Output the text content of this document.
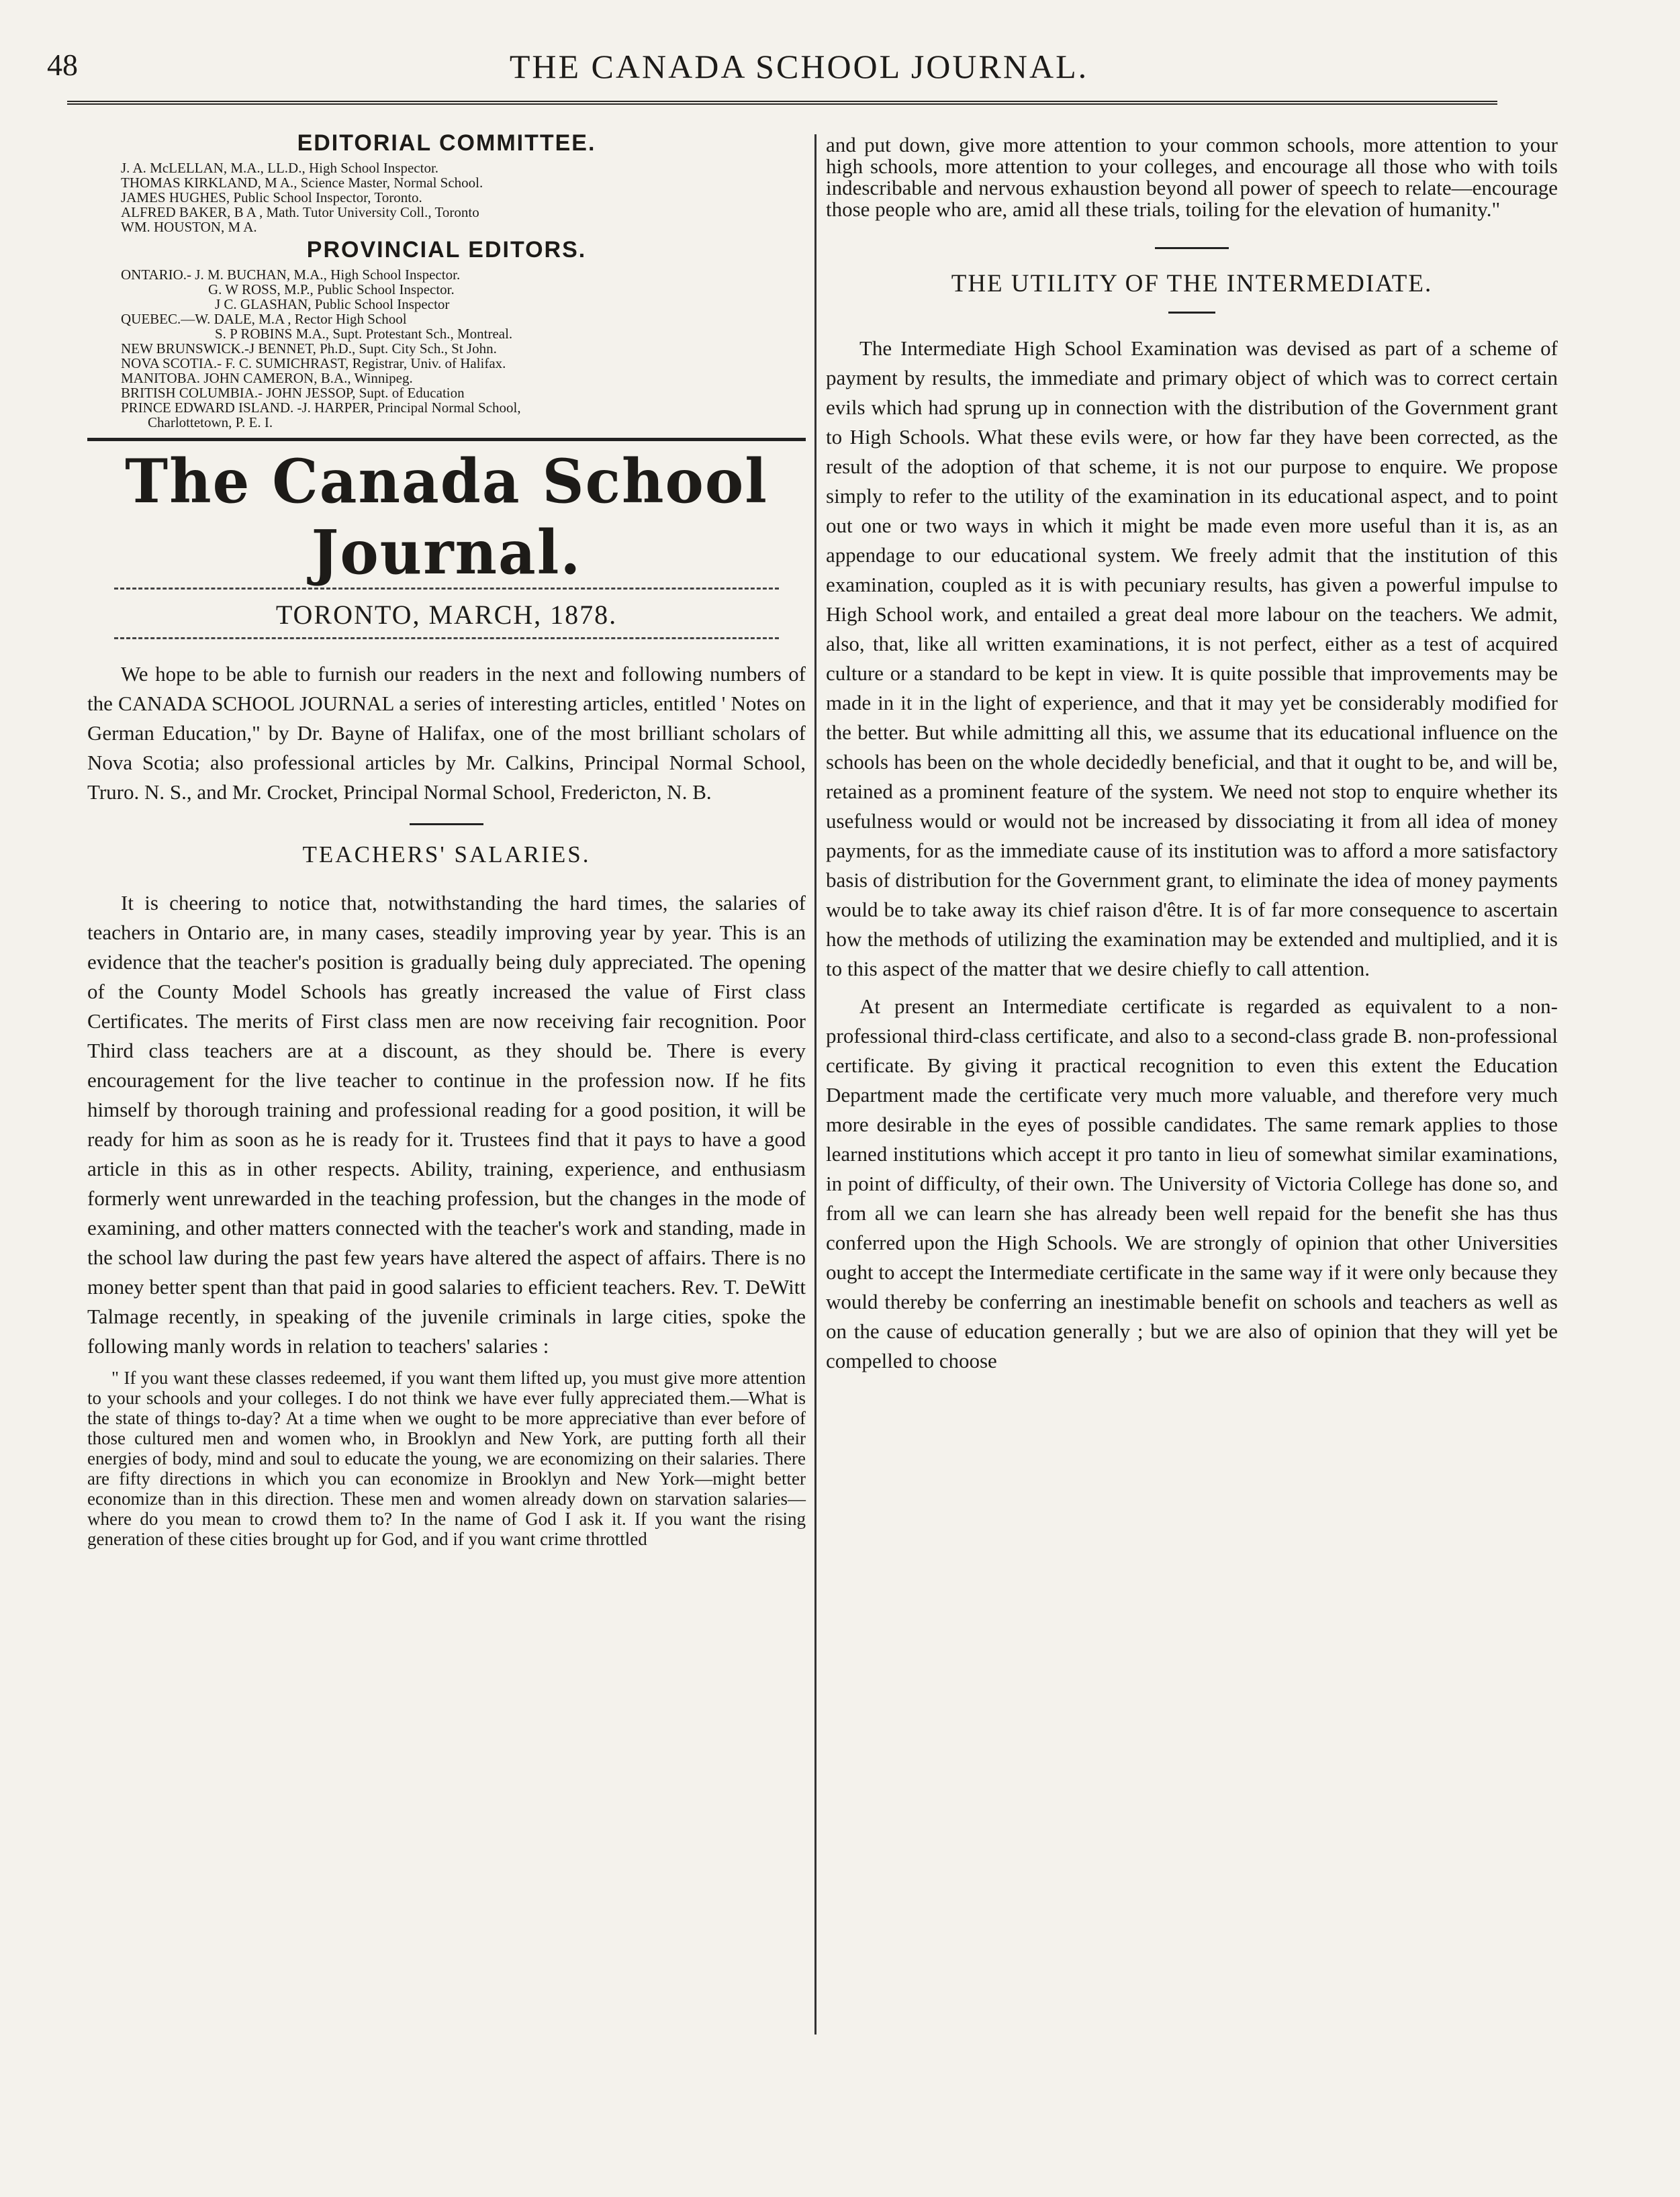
48	THE CANADA SCHOOL JOURNAL.
EDITORIAL COMMITTEE.
J. A. McLELLAN, M.A., LL.D., High School Inspector.
THOMAS KIRKLAND, M A., Science Master, Normal School.
JAMES HUGHES, Public School Inspector, Toronto.
ALFRED BAKER, B A , Math. Tutor University Coll., Toronto
WM. HOUSTON, M A.
PROVINCIAL EDITORS.
ONTARIO.- J. M. BUCHAN, M.A., High School Inspector.
G. W ROSS, M.P., Public School Inspector.
J C. GLASHAN, Public School Inspector
QUEBEC.—W. DALE, M.A , Rector High School
S. P ROBINS M.A., Supt. Protestant Sch., Montreal.
NEW BRUNSWICK.-J BENNET, Ph.D., Supt. City Sch., St John.
NOVA SCOTIA.- F. C. SUMICHRAST, Registrar, Univ. of Halifax.
MANITOBA. JOHN CAMERON, B.A., Winnipeg.
BRITISH COLUMBIA.- JOHN JESSOP, Supt. of Education
PRINCE EDWARD ISLAND. -J. HARPER, Principal Normal School,
Charlottetown, P. E. I.
The Canada School Journal.
TORONTO, MARCH, 1878.

We hope to be able to furnish our readers in the next and following numbers of the CANADA SCHOOL JOURNAL a series of interesting articles, entitled ' Notes on German Education," by Dr. Bayne of Halifax, one of the most brilliant scholars of Nova Scotia; also professional articles by Mr. Calkins, Principal Normal School, Truro. N. S., and Mr. Crocket, Principal Normal School, Fredericton, N. B.

TEACHERS' SALARIES.

It is cheering to notice that, notwithstanding the hard times, the salaries of teachers in Ontario are, in many cases, steadily improving year by year. This is an evidence that the teacher's position is gradually being duly appreciated. The opening of the County Model Schools has greatly increased the value of First class Certificates. The merits of First class men are now receiving fair recognition. Poor Third class teachers are at a discount, as they should be. There is every encouragement for the live teacher to continue in the profession now. If he fits himself by thorough training and professional reading for a good position, it will be ready for him as soon as he is ready for it. Trustees find that it pays to have a good article in this as in other respects. Ability, training, experience, and enthusiasm formerly went unrewarded in the teaching profession, but the changes in the mode of examining, and other matters connected with the teacher's work and standing, made in the school law during the past few years have altered the aspect of affairs. There is no money better spent than that paid in good salaries to efficient teachers. Rev. T. DeWitt Talmage recently, in speaking of the juvenile criminals in large cities, spoke the following manly words in relation to teachers' salaries :

" If you want these classes redeemed, if you want them lifted up, you must give more attention to your schools and your colleges. I do not think we have ever fully appreciated them.—What is the state of things to-day? At a time when we ought to be more appreciative than ever before of those cultured men and women who, in Brooklyn and New York, are putting forth all their energies of body, mind and soul to educate the young, we are economizing on their salaries. There are fifty directions in which you can economize in Brooklyn and New York—might better economize than in this direction. These men and women already down on starvation salaries—where do you mean to crowd them to? In the name of God I ask it. If you want the rising generation of these cities brought up for God, and if you want crime throttled

and put down, give more attention to your common schools, more attention to your high schools, more attention to your colleges, and encourage all those who with toils indescribable and nervous exhaustion beyond all power of speech to relate—encourage those people who are, amid all these trials, toiling for the elevation of humanity."

THE UTILITY OF THE INTERMEDIATE.

The Intermediate High School Examination was devised as part of a scheme of payment by results, the immediate and primary object of which was to correct certain evils which had sprung up in connection with the distribution of the Government grant to High Schools. What these evils were, or how far they have been corrected, as the result of the adoption of that scheme, it is not our purpose to enquire. We propose simply to refer to the utility of the examination in its educational aspect, and to point out one or two ways in which it might be made even more useful than it is, as an appendage to our educational system. We freely admit that the institution of this examination, coupled as it is with pecuniary results, has given a powerful impulse to High School work, and entailed a great deal more labour on the teachers. We admit, also, that, like all written examinations, it is not perfect, either as a test of acquired culture or a standard to be kept in view. It is quite possible that improvements may be made in it in the light of experience, and that it may yet be considerably modified for the better. But while admitting all this, we assume that its educational influence on the schools has been on the whole decidedly beneficial, and that it ought to be, and will be, retained as a prominent feature of the system. We need not stop to enquire whether its usefulness would or would not be increased by dissociating it from all idea of money payments, for as the immediate cause of its institution was to afford a more satisfactory basis of distribution for the Government grant, to eliminate the idea of money payments would be to take away its chief raison d'être. It is of far more consequence to ascertain how the methods of utilizing the examination may be extended and multiplied, and it is to this aspect of the matter that we desire chiefly to call attention.

At present an Intermediate certificate is regarded as equivalent to a non-professional third-class certificate, and also to a second-class grade B. non-professional certificate. By giving it practical recognition to even this extent the Education Department made the certificate very much more valuable, and therefore very much more desirable in the eyes of possible candidates. The same remark applies to those learned institutions which accept it pro tanto in lieu of somewhat similar examinations, in point of difficulty, of their own. The University of Victoria College has done so, and from all we can learn she has already been well repaid for the benefit she has thus conferred upon the High Schools. We are strongly of opinion that other Universities ought to accept the Intermediate certificate in the same way if it were only because they would thereby be conferring an inestimable benefit on schools and teachers as well as on the cause of education generally ; but we are also of opinion that they will yet be compelled to choose
